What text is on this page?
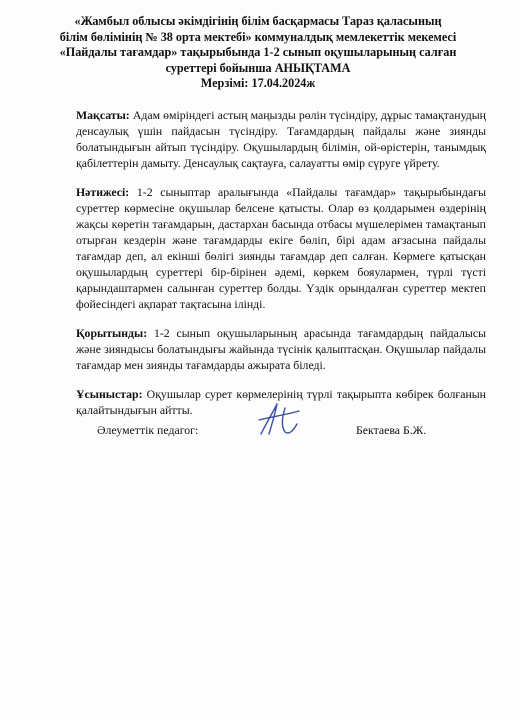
«Жамбыл облысы әкімдігінің білім басқармасы Тараз қаласының
білім бөлімінің № 38 орта мектебі» коммуналдық мемлекеттік мекемесі
«Пайдалы тағамдар» тақырыбында 1-2 сынып оқушыларының салған
суреттері бойынша АНЫҚТАМА
Мерзімі: 17.04.2024ж

Мақсаты: Адам өміріндегі астың маңызды рөлін түсіндіру, дұрыс тамақтанудың денсаулық үшін пайдасын түсіндіру. Тағамдардың пайдалы және зиянды болатындығын айтып түсіндіру. Оқушылардың білімін, ой-өрістерін, танымдық қабілеттерін дамыту. Денсаулық сақтауға, салауатты өмір сүруге үйрету.

Нәтижесі: 1-2 сыныптар аралығында «Пайдалы тағамдар» тақырыбындағы суреттер көрмесіне оқушылар белсене қатысты. Олар өз қолдарымен өздерінің жақсы көретін тағамдарын, дастархан басында отбасы мүшелерімен тамақтанып отырған кездерін және тағамдарды екіге бөліп, бірі адам ағзасына пайдалы тағамдар деп, ал екінші бөлігі зиянды тағамдар деп салған. Көрмеге қатысқан оқушылардың суреттері бір-бірінен әдемі, көркем бояулармен, түрлі түсті қарындаштармен салынған суреттер болды. Үздік орындалған суреттер мектеп фойесіндегі ақпарат тақтасына ілінді.

Қорытынды: 1-2 сынып оқушыларының арасында тағамдардың пайдалысы және зияндысы болатындығы жайында түсінік қалыптасқан. Оқушылар пайдалы тағамдар мен зиянды тағамдарды ажырата біледі.

Ұсыныстар: Оқушылар сурет көрмелерінің түрлі тақырыпта көбірек болғанын қалайтындығын айтты.

Әлеуметтік педагог:	Бектаева Б.Ж.
